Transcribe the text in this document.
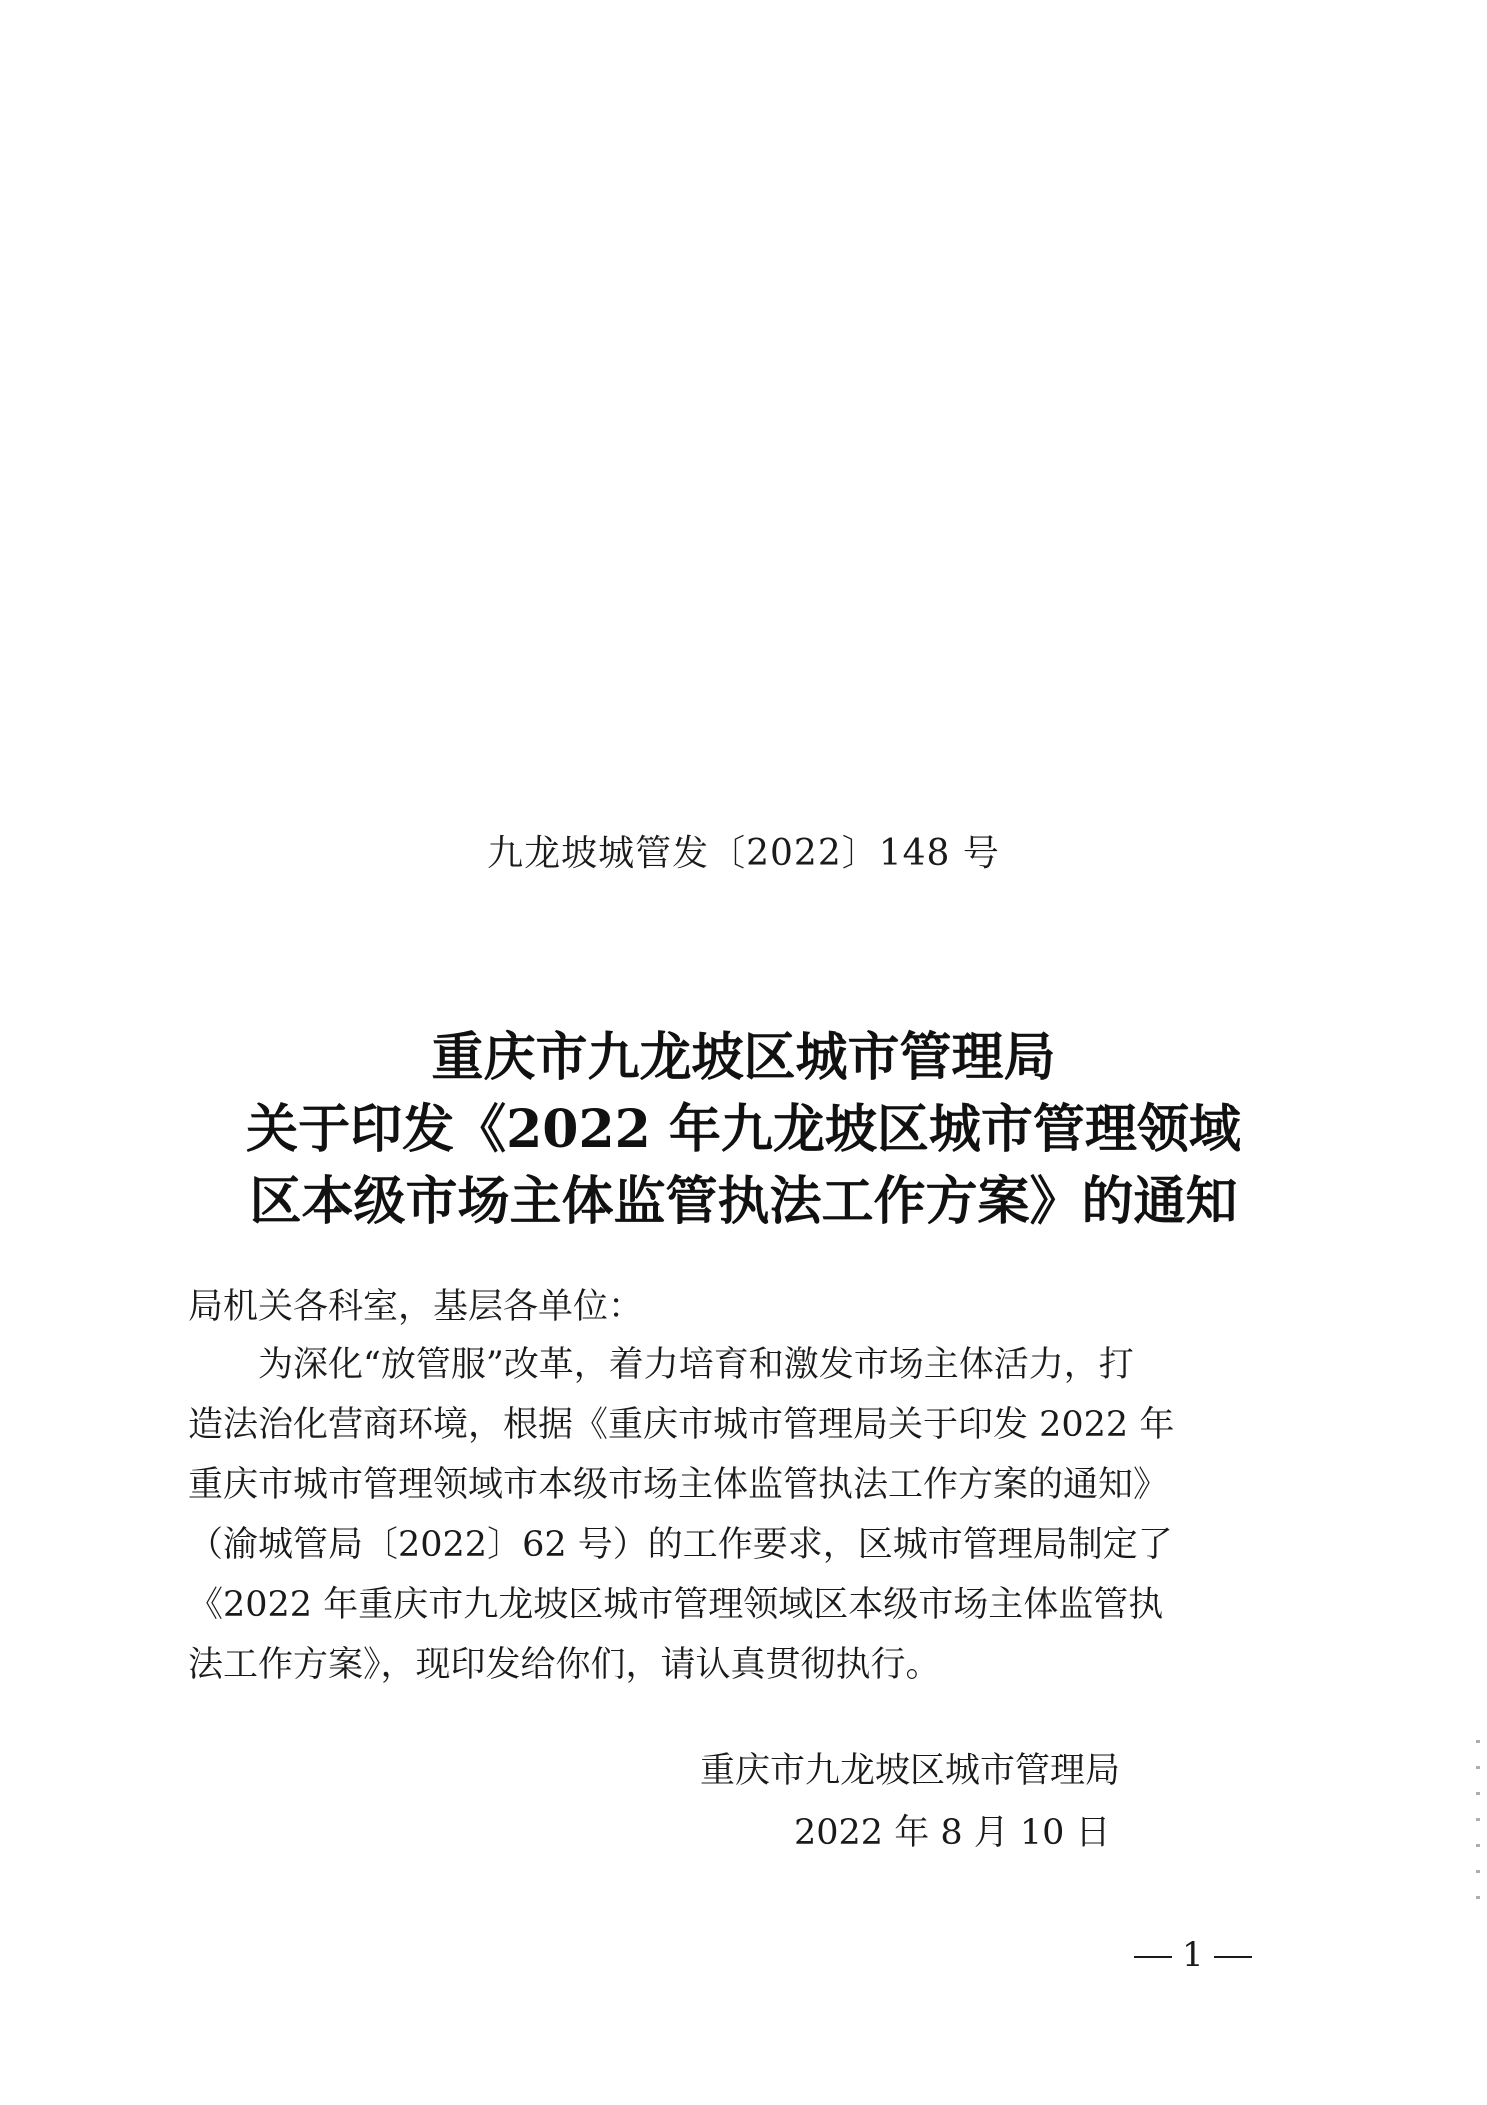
九龙坡城管发〔2022〕148 号
重庆市九龙坡区城市管理局
关于印发《2022 年九龙坡区城市管理领域
区本级市场主体监管执法工作方案》的通知
局机关各科室，基层各单位：
为深化“放管服”改革，着力培育和激发市场主体活力，打
造法治化营商环境，根据《重庆市城市管理局关于印发 2022 年
重庆市城市管理领域市本级市场主体监管执法工作方案的通知》
（渝城管局〔2022〕62 号）的工作要求，区城市管理局制定了
《2022 年重庆市九龙坡区城市管理领域区本级市场主体监管执
法工作方案》，现印发给你们，请认真贯彻执行。
重庆市九龙坡区城市管理局
2022 年 8 月 10 日
1
